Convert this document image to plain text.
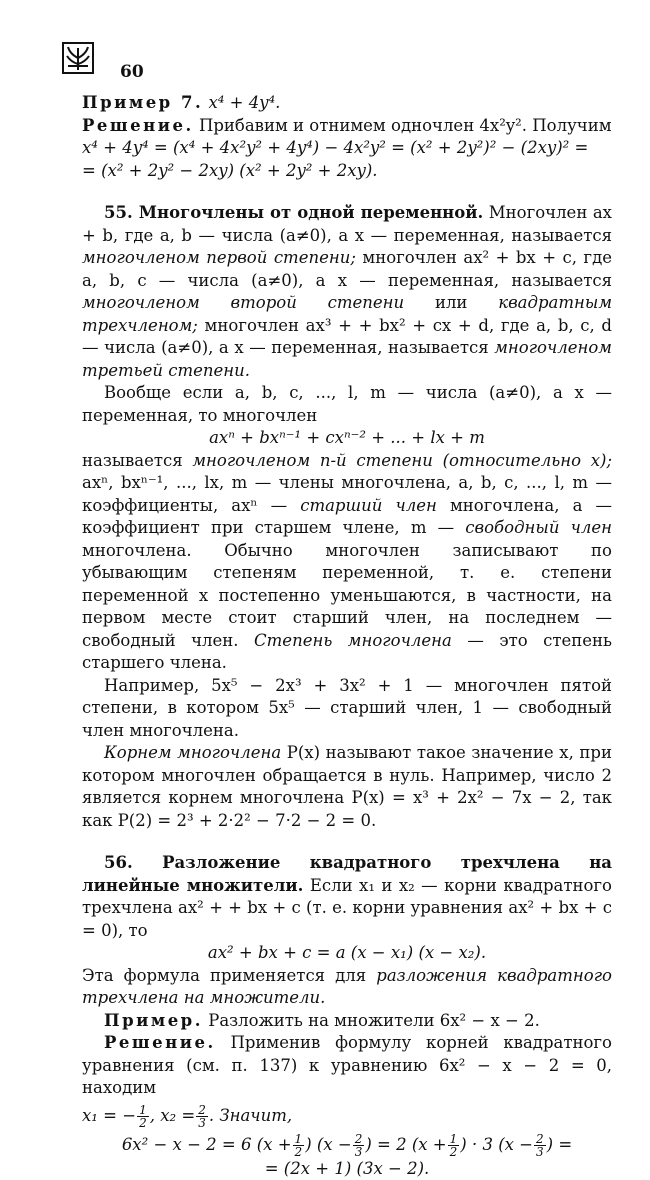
60

Пример 7. x⁴ + 4y⁴.

Решение. Прибавим и отнимем одночлен 4x²y². Получим

x⁴ + 4y⁴ = (x⁴ + 4x²y² + 4y⁴) − 4x²y² = (x² + 2y²)² − (2xy)² =

= (x² + 2y² − 2xy) (x² + 2y² + 2xy).

55. Многочлены от одной переменной. Многочлен ax + b, где a, b — числа (a≠0), а x — переменная, называется многочленом первой степени; многочлен ax² + bx + c, где a, b, c — числа (a≠0), а x — переменная, называется многочленом второй степени или квадратным трехчленом; многочлен ax³ + + bx² + cx + d, где a, b, c, d — числа (a≠0), а x — переменная, называется многочленом третьей степени.

Вообще если a, b, c, ..., l, m — числа (a≠0), а x — переменная, то многочлен

axⁿ + bxⁿ⁻¹ + cxⁿ⁻² + ... + lx + m

называется многочленом n-й степени (относительно x); axⁿ, bxⁿ⁻¹, ..., lx, m — члены многочлена, a, b, c, ..., l, m — коэффициенты, axⁿ — старший член многочлена, a — коэффициент при старшем члене, m — свободный член многочлена. Обычно многочлен записывают по убывающим степеням переменной, т. е. степени переменной x постепенно уменьшаются, в частности, на первом месте стоит старший член, на последнем — свободный член. Степень многочлена — это степень старшего члена.

Например, 5x⁵ − 2x³ + 3x² + 1 — многочлен пятой степени, в котором 5x⁵ — старший член, 1 — свободный член многочлена.

Корнем многочлена P(x) называют такое значение x, при котором многочлен обращается в нуль. Например, число 2 является корнем многочлена P(x) = x³ + 2x² − 7x − 2, так как P(2) = 2³ + 2·2² − 7·2 − 2 = 0.

56. Разложение квадратного трехчлена на линейные множители. Если x₁ и x₂ — корни квадратного трехчлена ax² + + bx + c (т. е. корни уравнения ax² + bx + c = 0), то

ax² + bx + c = a (x − x₁) (x − x₂).

Эта формула применяется для разложения квадратного трехчлена на множители.

Пример. Разложить на множители 6x² − x − 2.

Решение. Применив формулу корней квадратного уравнения (см. п. 137) к уравнению 6x² − x − 2 = 0, находим

x₁ = − $\frac{1}{2}$ , $x_2 = \frac{2}{3}$ . Значит,

6x² − x − 2 = 6 ($x + \frac{1}{2}$ ) ($x - \frac{2}{3}$ ) = 2 ($x + \frac{1}{2}$ ) · 3 ($x - \frac{2}{3}$ ) =

= (2x + 1) (3x − 2).
